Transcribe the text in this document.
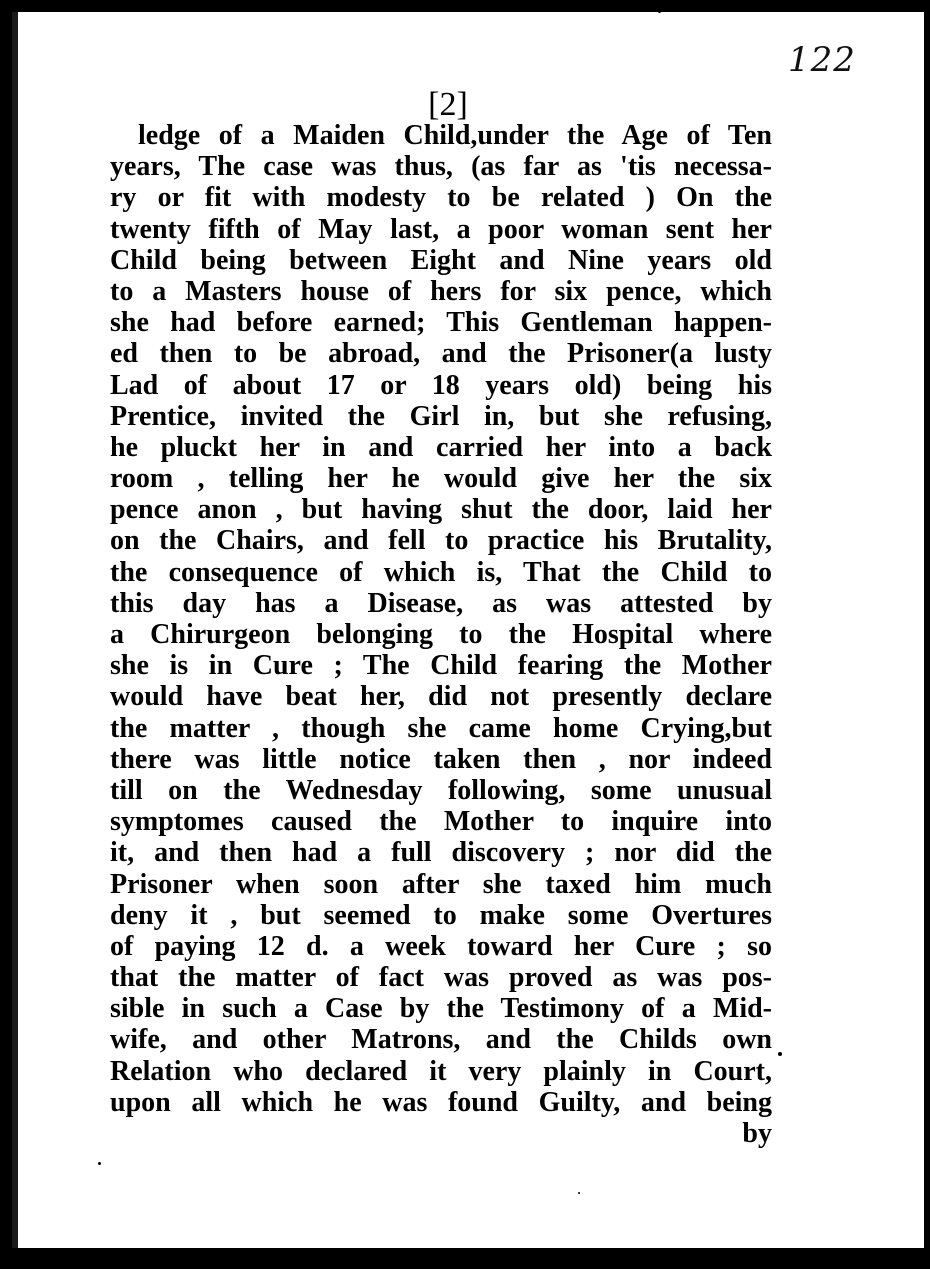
122
[2]
ledge of a Maiden Child,under the Age of Ten
years, The case was thus, (as far as 'tis necessa-
ry or fit with modesty to be related ) On the
twenty fifth of May last, a poor woman sent her
Child being between Eight and Nine years old
to a Masters house of hers for six pence, which
she had before earned; This Gentleman happen-
ed then to be abroad, and the Prisoner(a lusty
Lad of about 17 or 18 years old) being his
Prentice, invited the Girl in, but she refusing,
he pluckt her in and carried her into a back
room , telling her he would give her the six
pence anon , but having shut the door, laid her
on the Chairs, and fell to practice his Brutality,
the consequence of which is, That the Child to
this day has a Disease, as was attested by
a Chirurgeon belonging to the Hospital where
she is in Cure ; The Child fearing the Mother
would have beat her, did not presently declare
the matter , though she came home Crying,but
there was little notice taken then , nor indeed
till on the Wednesday following, some unusual
symptomes caused the Mother to inquire into
it, and then had a full discovery ; nor did the
Prisoner when soon after she taxed him much
deny it , but seemed to make some Overtures
of paying 12 d. a week toward her Cure ; so
that the matter of fact was proved as was pos-
sible in such a Case by the Testimony of a Mid-
wife, and other Matrons, and the Childs own
Relation who declared it very plainly in Court,
upon all which he was found Guilty, and being
by
